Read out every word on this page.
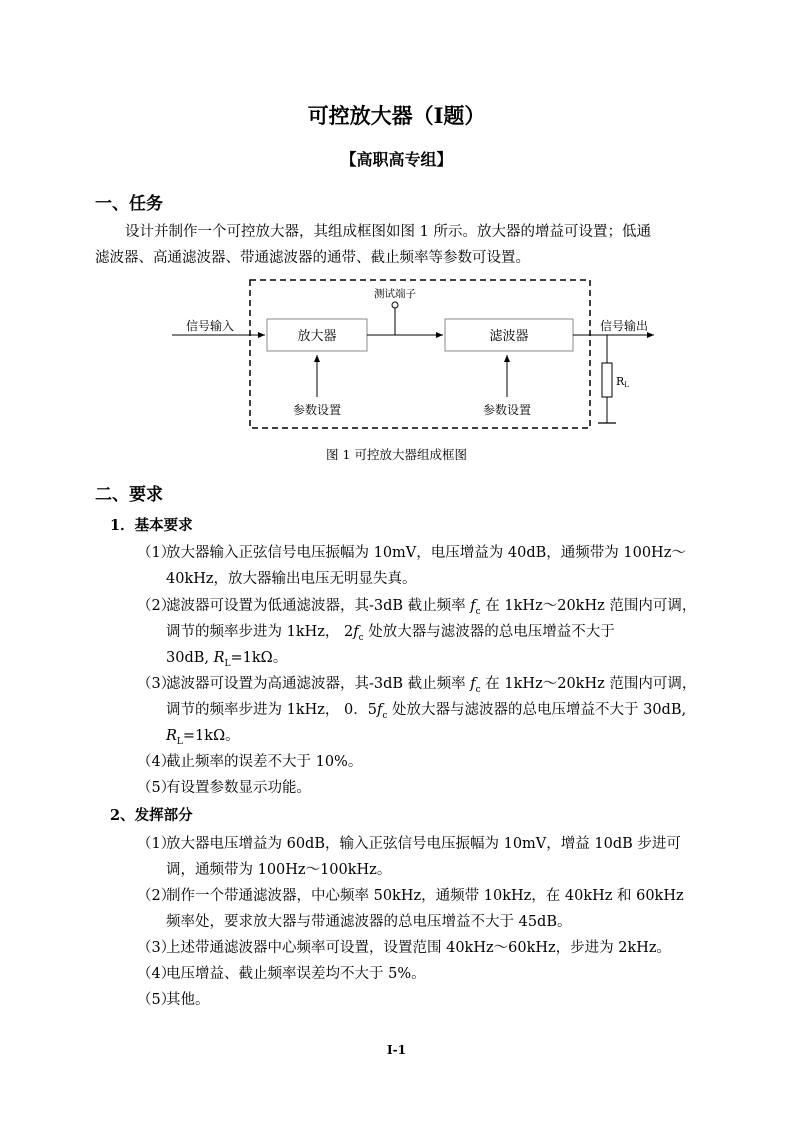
可控放大器（I题）
【高职高专组】
一、任务
设计并制作一个可控放大器，其组成框图如图 1 所示。放大器的增益可设置；低通
滤波器、高通滤波器、带通滤波器的通带、截止频率等参数可设置。
信号输入
放大器
测试端子
滤波器
信号输出
RL
参数设置	参数设置
图 1 可控放大器组成框图
二、要求
1．基本要求
（1）放大器输入正弦信号电压振幅为 10mV，电压增益为 40dB，通频带为 100Hz～
40kHz，放大器输出电压无明显失真。
（2）滤波器可设置为低通滤波器，其-3dB 截止频率 $f_c$ 在 1kHz～20kHz 范围内可调，
调节的频率步进为 1kHz， $2f_c$ 处放大器与滤波器的总电压增益不大于
30dB, $R_L=1k\Omega$。
（3）滤波器可设置为高通滤波器，其-3dB 截止频率 $f_c$ 在 1kHz～20kHz 范围内可调，
调节的频率步进为 1kHz， 0．$5f_c$ 处放大器与滤波器的总电压增益不大于 30dB,
$R_L=1k\Omega$。
（4）截止频率的误差不大于 10%。
（5）有设置参数显示功能。
2、发挥部分
（1）放大器电压增益为 60dB，输入正弦信号电压振幅为 10mV，增益 10dB 步进可
调，通频带为 100Hz～100kHz。
（2）制作一个带通滤波器，中心频率 50kHz，通频带 10kHz，在 40kHz 和 60kHz
频率处，要求放大器与带通滤波器的总电压增益不大于 45dB。
（3）上述带通滤波器中心频率可设置，设置范围 40kHz～60kHz，步进为 2kHz。
（4）电压增益、截止频率误差均不大于 5%。
（5）其他。
I-1
